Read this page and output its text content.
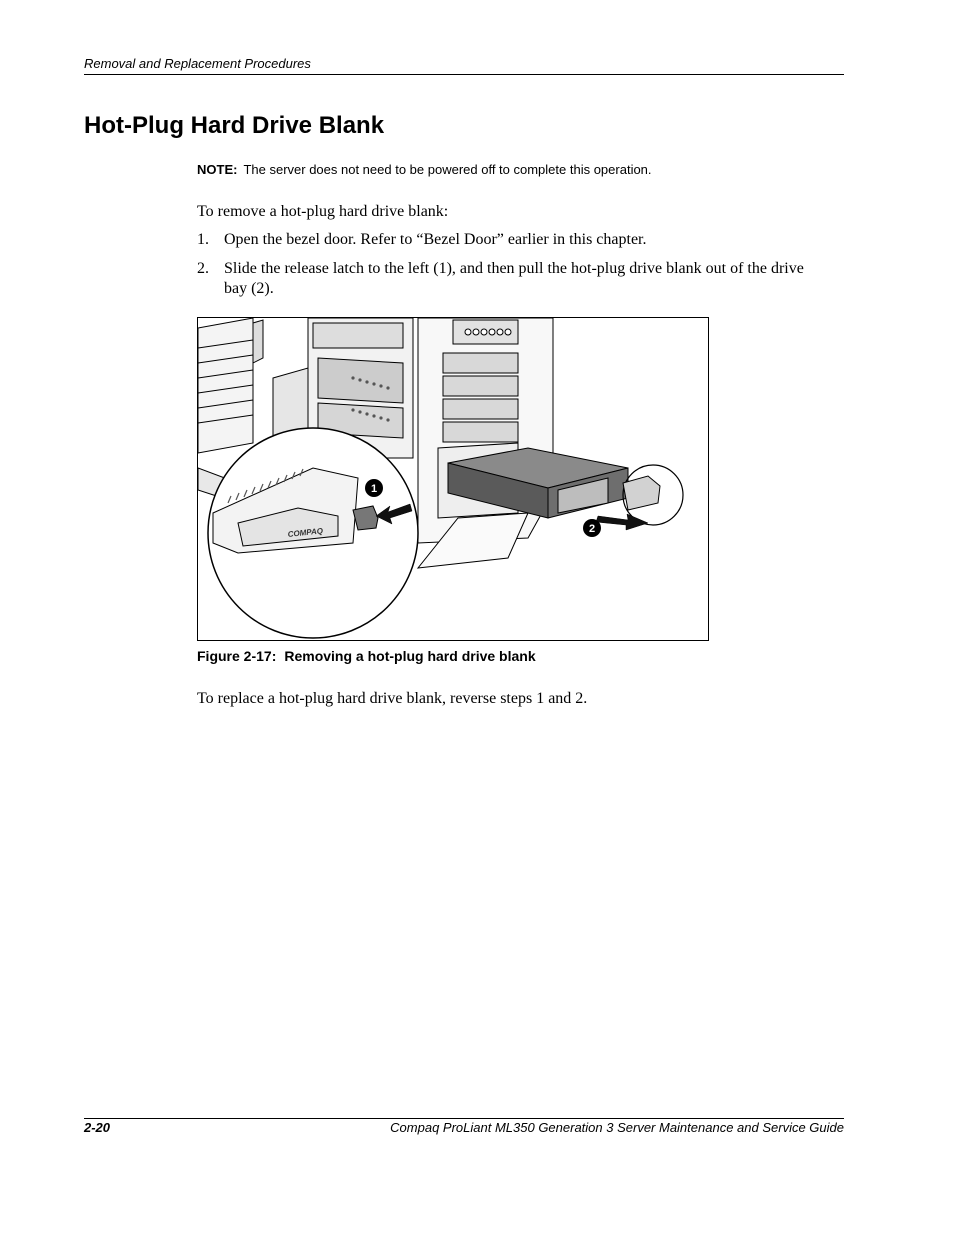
Removal and Replacement Procedures
Hot-Plug Hard Drive Blank
NOTE: The server does not need to be powered off to complete this operation.
To remove a hot-plug hard drive blank:
1. Open the bezel door. Refer to “Bezel Door” earlier in this chapter.
2. Slide the release latch to the left (1), and then pull the hot-plug drive blank out of the drive bay (2).
COMPAQ
1
2
Figure 2-17: Removing a hot-plug hard drive blank
To replace a hot-plug hard drive blank, reverse steps 1 and 2.
2-20	Compaq ProLiant ML350 Generation 3 Server Maintenance and Service Guide
